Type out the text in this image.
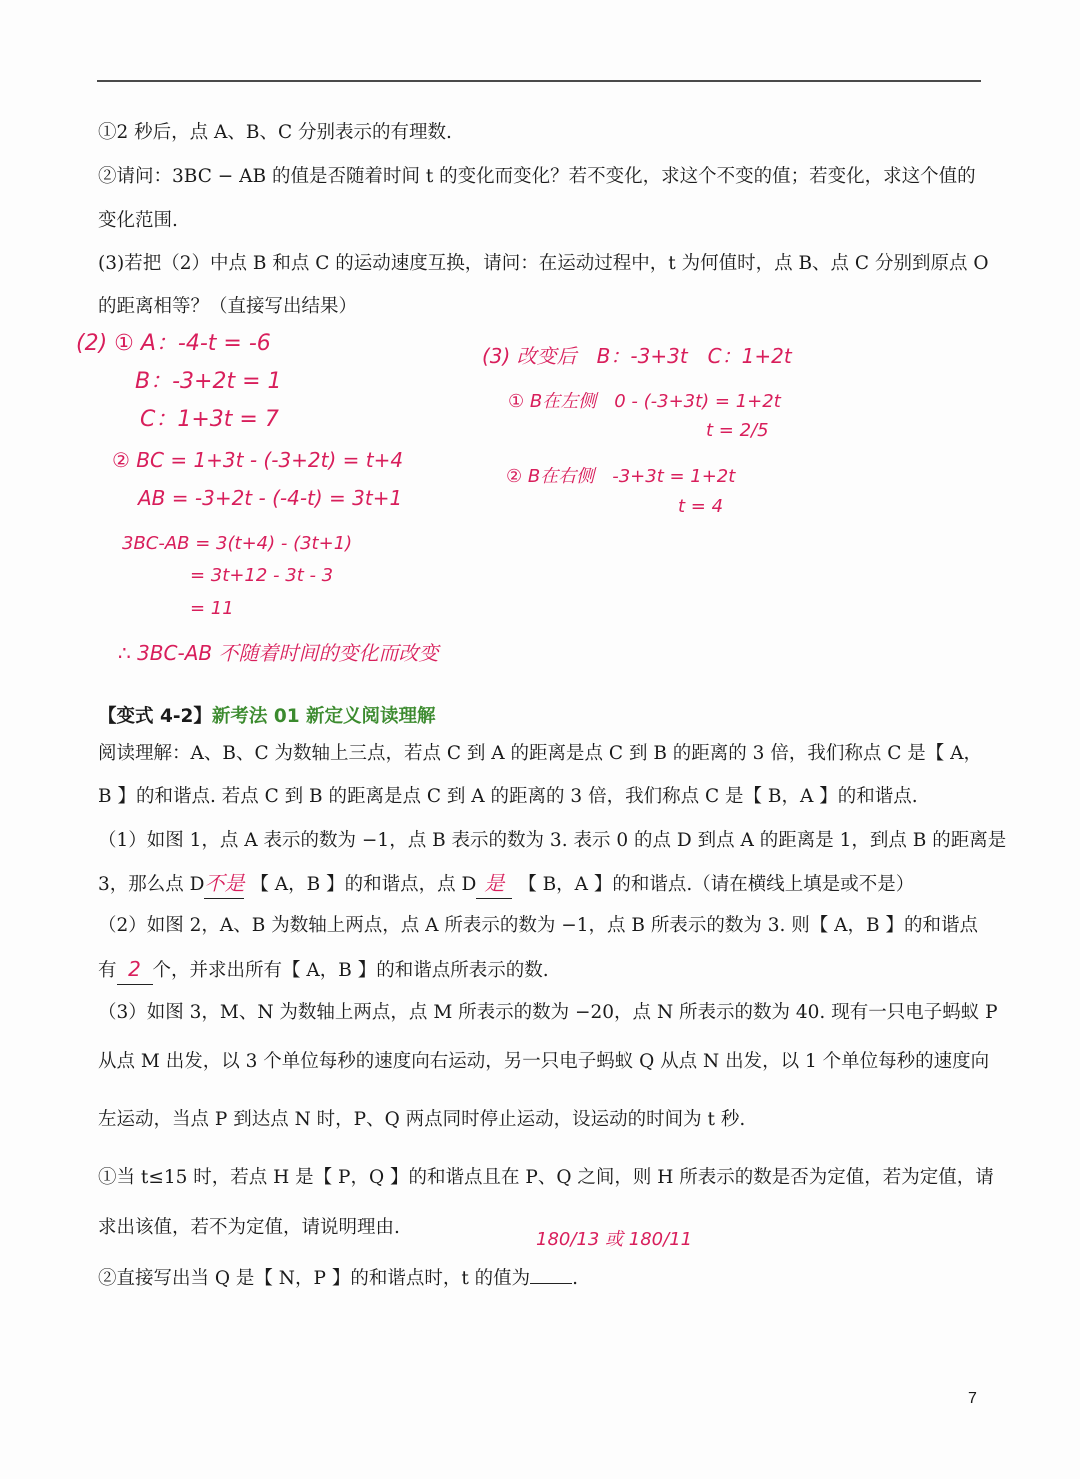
①2 秒后，点 A、B、C 分别表示的有理数.
②请问：3BC − AB 的值是否随着时间 t 的变化而变化？若不变化，求这个不变的值；若变化，求这个值的
变化范围.
(3)若把（2）中点 B 和点 C 的运动速度互换，请问：在运动过程中，t 为何值时，点 B、点 C 分别到原点 O
的距离相等？（直接写出结果）
(2) ① A：-4-t = -6
B：-3+2t = 1
C：1+3t = 7
② BC = 1+3t - (-3+2t) = t+4
AB = -3+2t - (-4-t) = 3t+1
3BC-AB = 3(t+4) - (3t+1)
= 3t+12 - 3t - 3
= 11
∴ 3BC-AB 不随着时间的变化而改变
(3) 改变后　B：-3+3t　C：1+2t
① B在左侧　0 - (-3+3t) = 1+2t
t = 2/5
② B在右侧　-3+3t = 1+2t
t = 4
【变式 4-2】新考法 01 新定义阅读理解
阅读理解：A、B、C 为数轴上三点，若点 C 到 A 的距离是点 C 到 B 的距离的 3 倍，我们称点 C 是【 A，
B 】的和谐点. 若点 C 到 B 的距离是点 C 到 A 的距离的 3 倍，我们称点 C 是【 B，A 】的和谐点.
（1）如图 1，点 A 表示的数为 −1，点 B 表示的数为 3. 表示 0 的点 D 到点 A 的距离是 1，到点 B 的距离是
3，那么点 D不是 【 A，B 】的和谐点，点 D 是 【 B，A 】的和谐点.（请在横线上填是或不是）
（2）如图 2，A、B 为数轴上两点，点 A 所表示的数为 −1，点 B 所表示的数为 3. 则【 A，B 】的和谐点
有 2 个，并求出所有【 A，B 】的和谐点所表示的数.
（3）如图 3，M、N 为数轴上两点，点 M 所表示的数为 −20，点 N 所表示的数为 40. 现有一只电子蚂蚁 P
从点 M 出发，以 3 个单位每秒的速度向右运动，另一只电子蚂蚁 Q 从点 N 出发，以 1 个单位每秒的速度向
左运动，当点 P 到达点 N 时，P、Q 两点同时停止运动，设运动的时间为 t 秒.
①当 t≤15 时，若点 H 是【 P，Q 】的和谐点且在 P、Q 之间，则 H 所表示的数是否为定值，若为定值，请
求出该值，若不为定值，请说明理由.
180/13 或 180/11
②直接写出当 Q 是【 N，P 】的和谐点时，t 的值为 .
7
